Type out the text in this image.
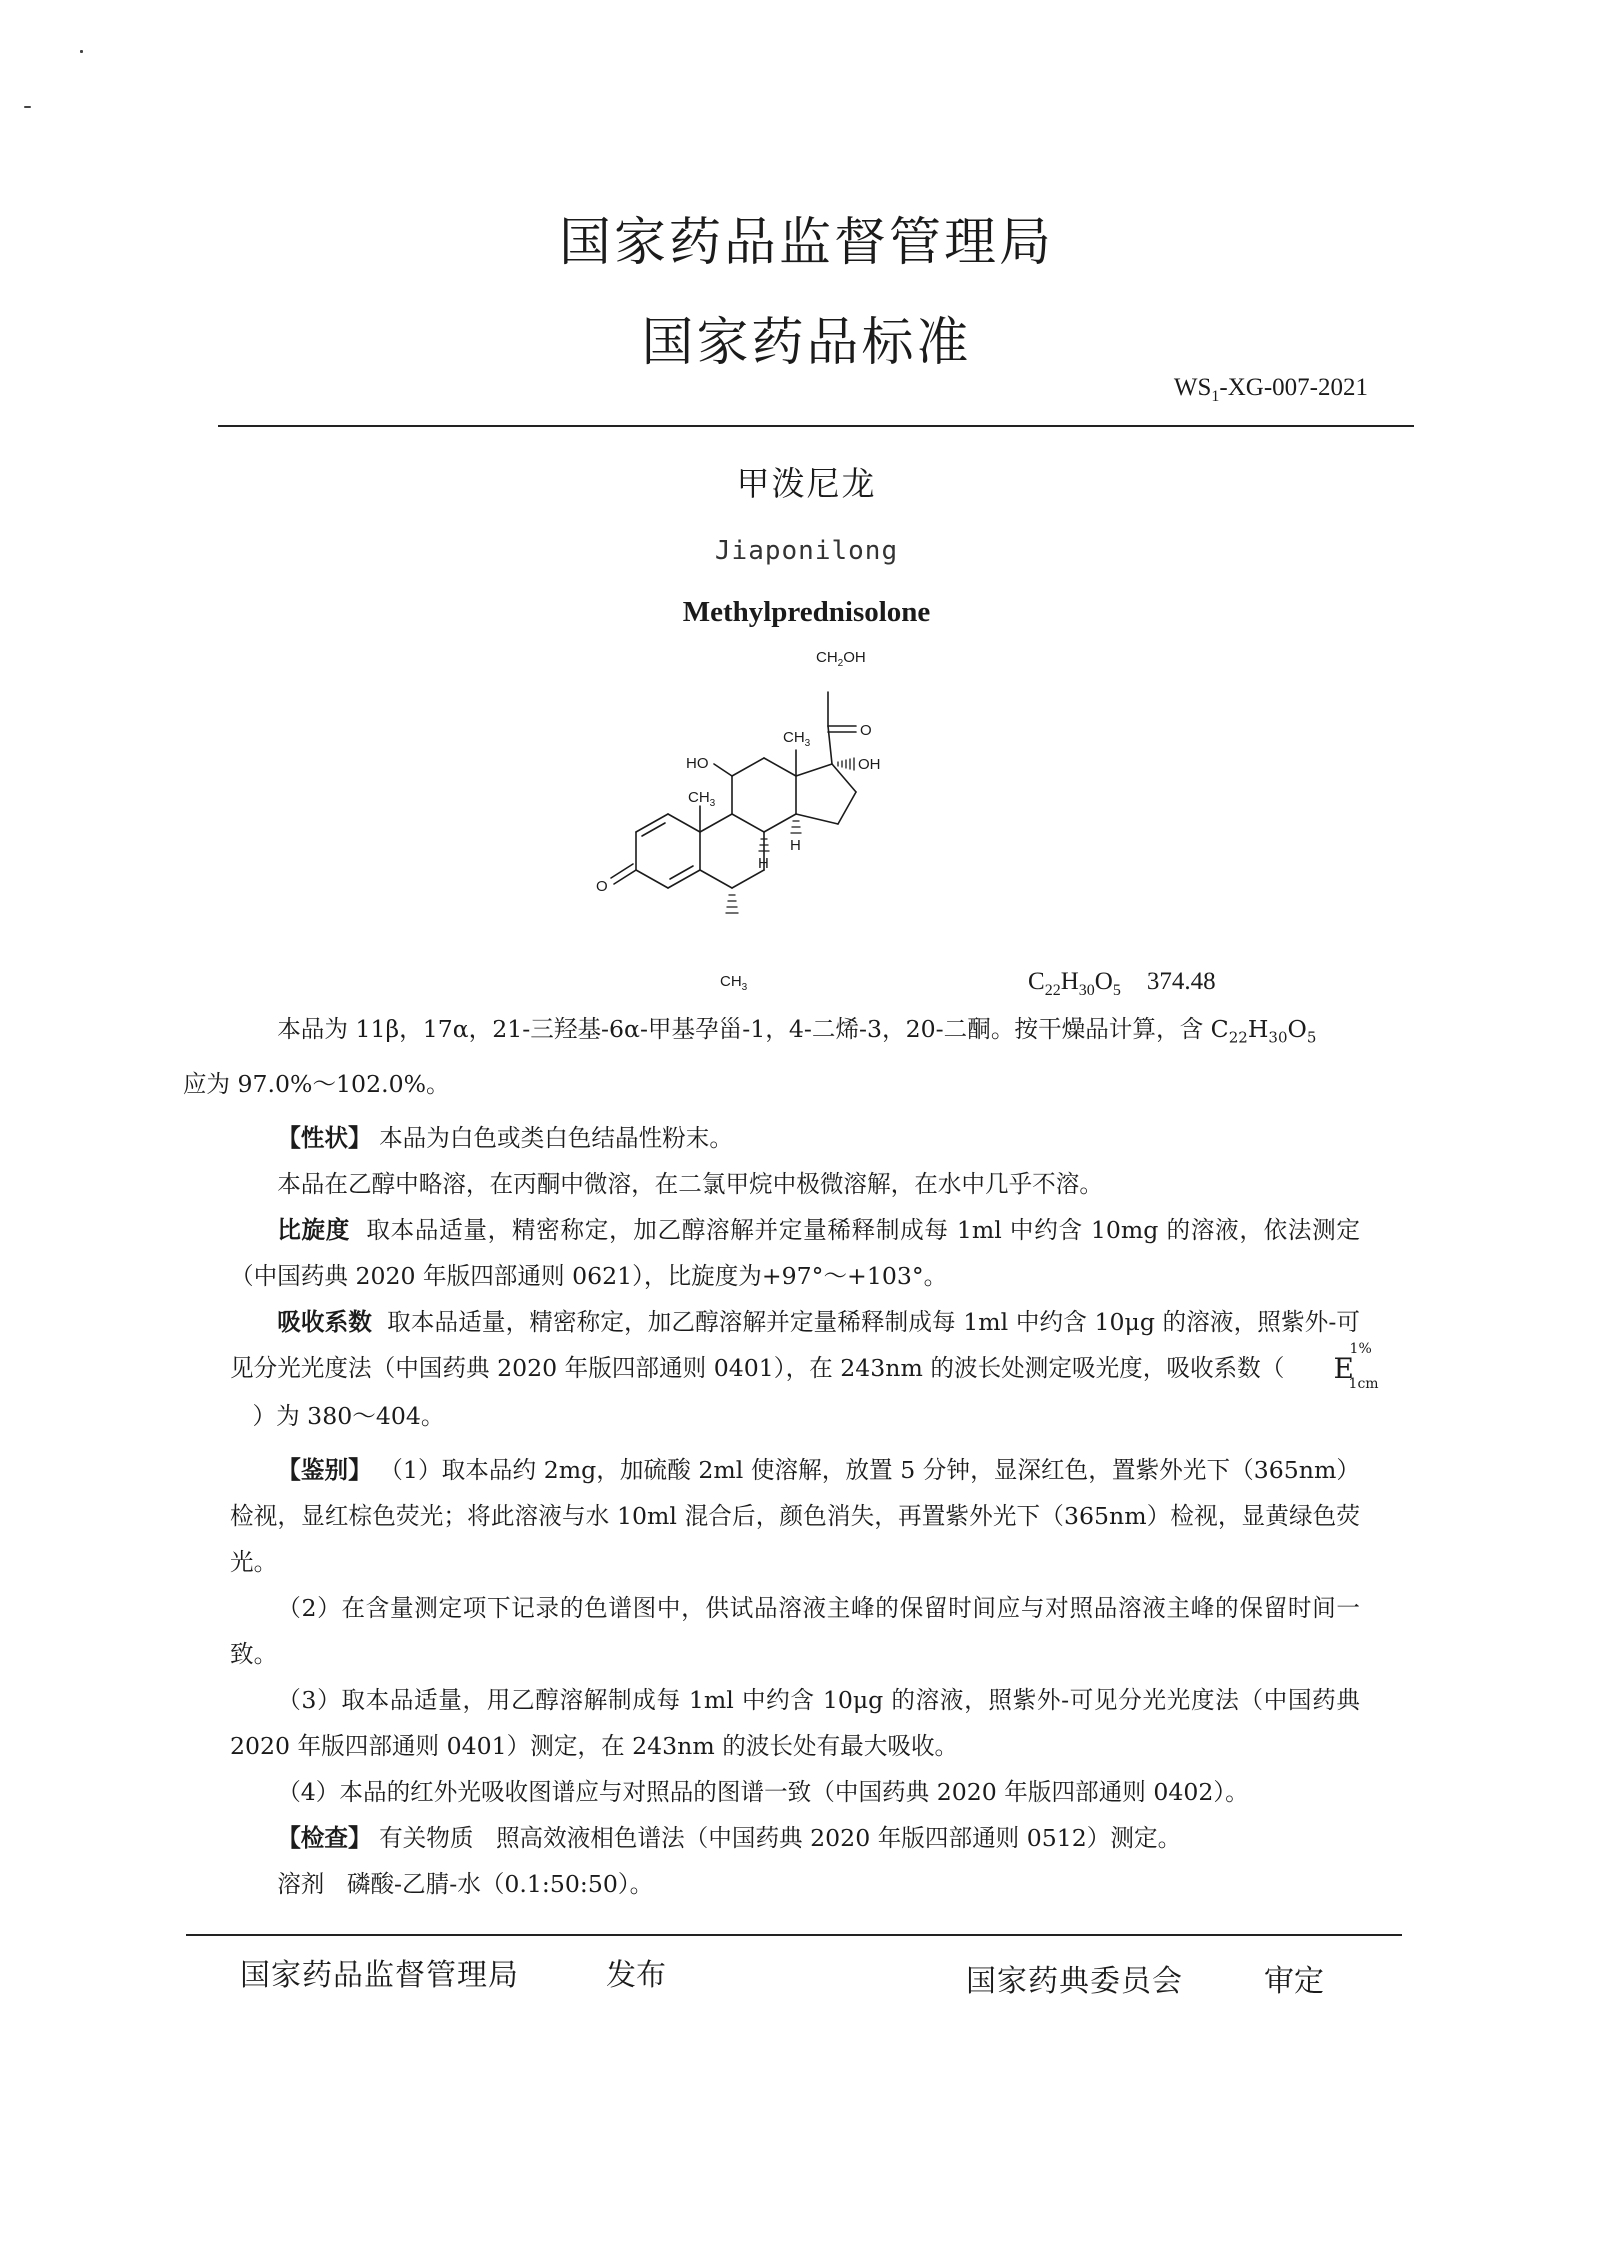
国家药品监督管理局
国家药品标准
$WS_1-XG-007-2021$
甲泼尼龙
Jiaponilong
Methylprednisolone
$CH_2OH$
O
$CH_3$
OH
HO
$CH_3$
H
H
O
$CH_3$	$C_{22}H_{30}O_5$ 374.48

本品为 11β，17α，21-三羟基-6α-甲基孕甾-1，4-二烯-3，20-二酮。按干燥品计算，含 $C_{22}H_{30}O_5$
应为 97.0%～102.0%。

【性状】 本品为白色或类白色结晶性粉末。

本品在乙醇中略溶，在丙酮中微溶，在二氯甲烷中极微溶解，在水中几乎不溶。

比旋度 取本品适量，精密称定，加乙醇溶解并定量稀释制成每 1ml 中约含 10mg 的溶液，依法测定（中国药典 2020 年版四部通则 0621），比旋度为+97°～+103°。

吸收系数 取本品适量，精密称定，加乙醇溶解并定量稀释制成每 1ml 中约含 10μg 的溶液，照紫外-可见分光光度法（中国药典 2020 年版四部通则 0401），在 243nm 的波长处测定吸光度，吸收系数（ E
1%
1cm
）为 380～404。

【鉴别】 （1）取本品约 2mg，加硫酸 2ml 使溶解，放置 5 分钟，显深红色，置紫外光下（365nm）检视，显红棕色荧光；将此溶液与水 10ml 混合后，颜色消失，再置紫外光下（365nm）检视，显黄绿色荧光。

（2）在含量测定项下记录的色谱图中，供试品溶液主峰的保留时间应与对照品溶液主峰的保留时间一致。

（3）取本品适量，用乙醇溶解制成每 1ml 中约含 10μg 的溶液，照紫外-可见分光光度法（中国药典 2020 年版四部通则 0401）测定，在 243nm 的波长处有最大吸收。

（4）本品的红外光吸收图谱应与对照品的图谱一致（中国药典 2020 年版四部通则 0402）。

【检查】 有关物质 照高效液相色谱法（中国药典 2020 年版四部通则 0512）测定。

溶剂 磷酸-乙腈-水（0.1:50:50）。

国家药品监督管理局	发布	国家药典委员会	审定
